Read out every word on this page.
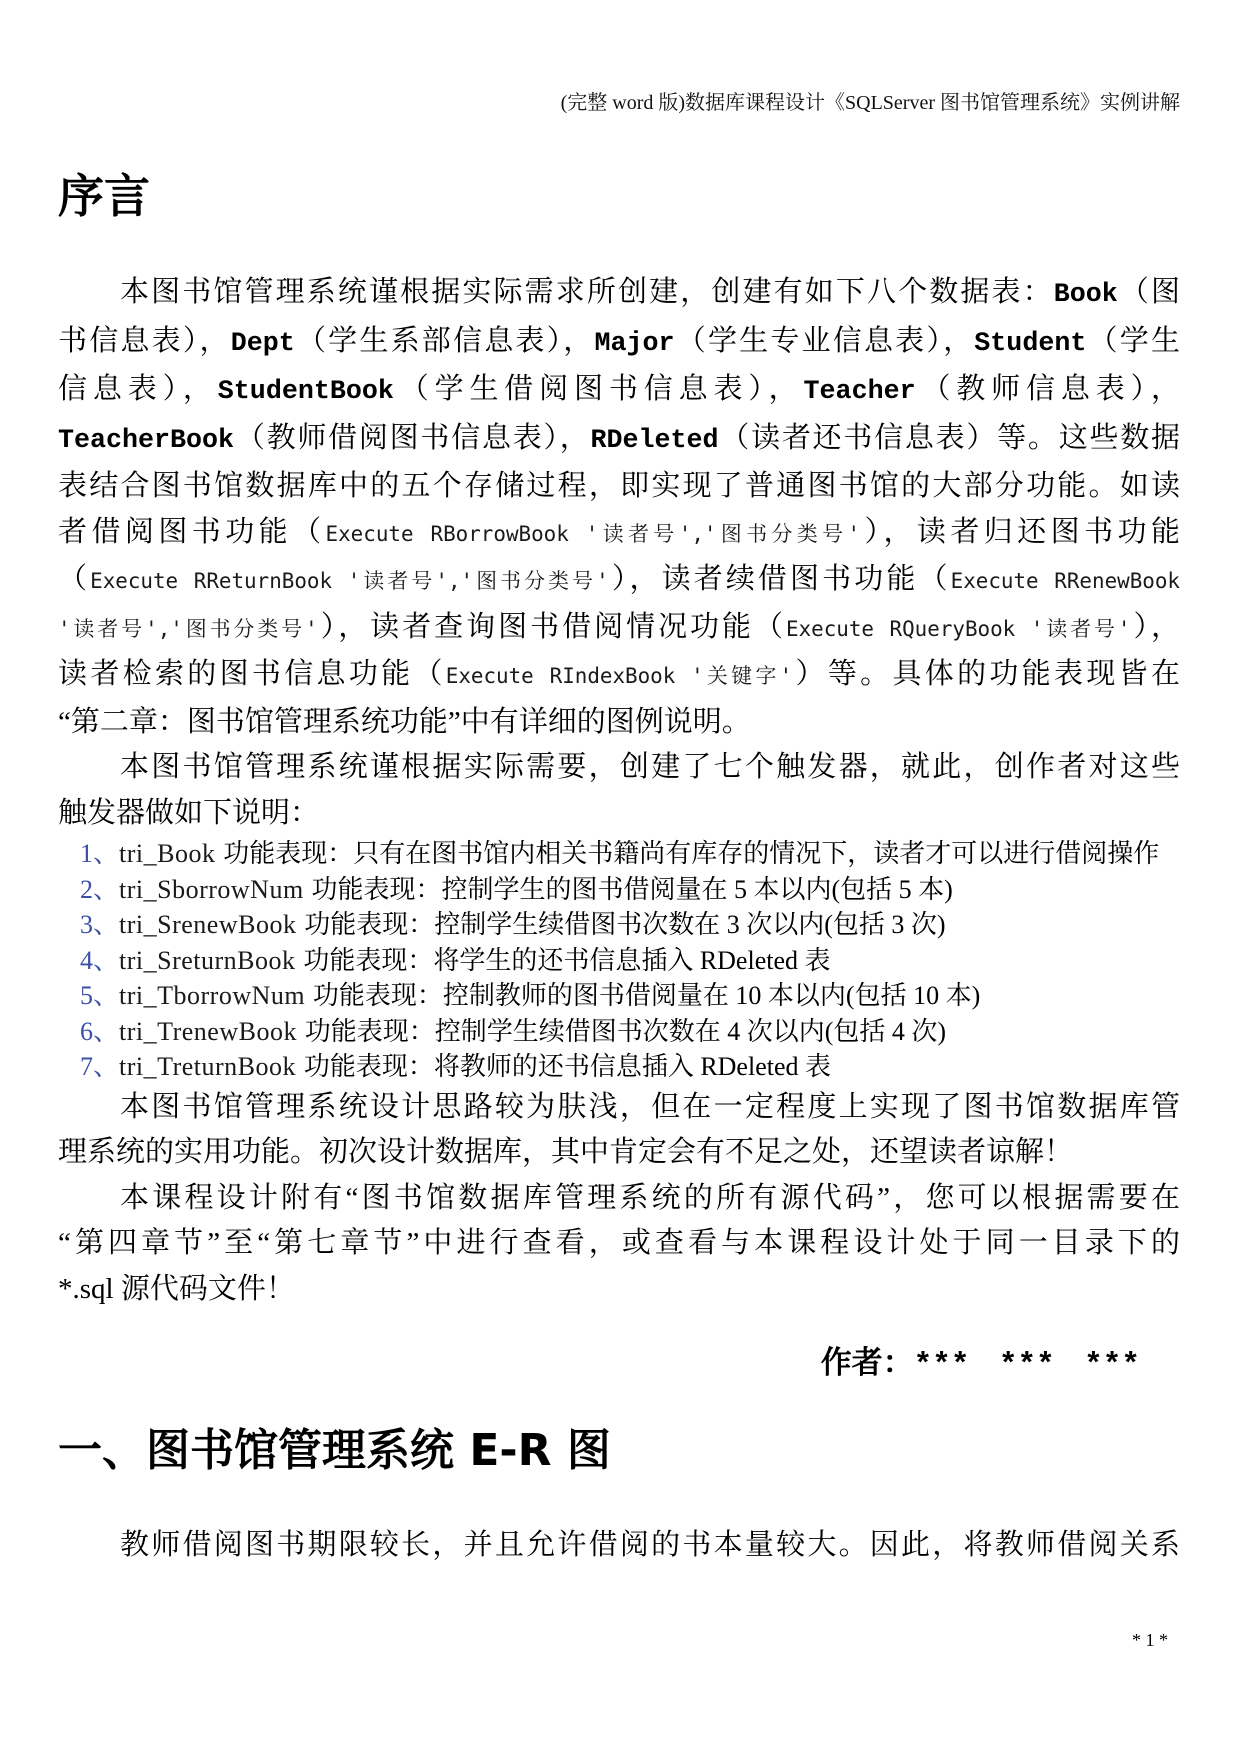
(完整 word 版)数据库课程设计《SQLServer 图书馆管理系统》实例讲解
序言
本图书馆管理系统谨根据实际需求所创建，创建有如下八个数据表：Book（图
书信息表），Dept（学生系部信息表），Major（学生专业信息表），Student（学生
信息表），StudentBook（学生借阅图书信息表），Teacher（教师信息表），
TeacherBook（教师借阅图书信息表），RDeleted（读者还书信息表）等。这些数据
表结合图书馆数据库中的五个存储过程，即实现了普通图书馆的大部分功能。如读
者借阅图书功能（Execute RBorrowBook '读者号','图书分类号'），读者归还图书功能
（Execute RReturnBook '读者号','图书分类号'），读者续借图书功能（Execute RRenewBook
'读者号','图书分类号'），读者查询图书借阅情况功能（Execute RQueryBook '读者号'），
读者检索的图书信息功能（Execute RIndexBook '关键字'）等。具体的功能表现皆在
“第二章：图书馆管理系统功能”中有详细的图例说明。
本图书馆管理系统谨根据实际需要，创建了七个触发器，就此，创作者对这些
触发器做如下说明：
1、tri_Book 功能表现：只有在图书馆内相关书籍尚有库存的情况下，读者才可以进行借阅操作
2、tri_SborrowNum 功能表现：控制学生的图书借阅量在 5 本以内(包括 5 本)
3、tri_SrenewBook 功能表现：控制学生续借图书次数在 3 次以内(包括 3 次)
4、tri_SreturnBook 功能表现：将学生的还书信息插入 RDeleted 表
5、tri_TborrowNum 功能表现：控制教师的图书借阅量在 10 本以内(包括 10 本)
6、tri_TrenewBook 功能表现：控制学生续借图书次数在 4 次以内(包括 4 次)
7、tri_TreturnBook 功能表现：将教师的还书信息插入 RDeleted 表
本图书馆管理系统设计思路较为肤浅，但在一定程度上实现了图书馆数据库管
理系统的实用功能。初次设计数据库，其中肯定会有不足之处，还望读者谅解！
本课程设计附有“图书馆数据库管理系统的所有源代码”，您可以根据需要在
“第四章节”至“第七章节”中进行查看，或查看与本课程设计处于同一目录下的
*.sql 源代码文件！
作者：*** *** ***
一、图书馆管理系统 E-R 图
教师借阅图书期限较长，并且允许借阅的书本量较大。因此，将教师借阅关系
* 1 *
